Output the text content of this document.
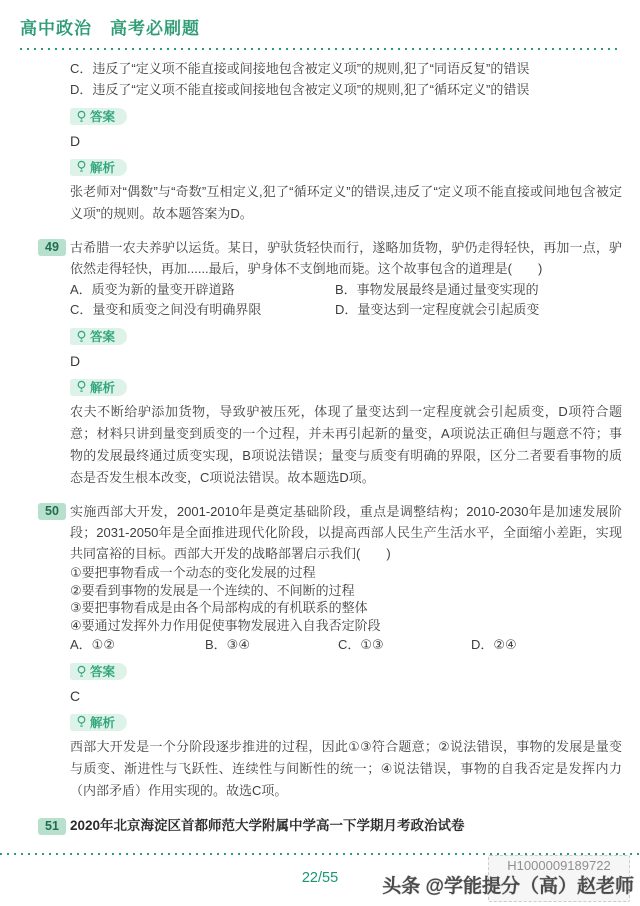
高中政治　高考必刷题
C．违反了“定义项不能直接或间接地包含被定义项”的规则,犯了“同语反复”的错误
D．违反了“定义项不能直接或间接地包含被定义项”的规则,犯了“循环定义”的错误
答案

D

解析

张老师对“偶数”与“奇数”互相定义,犯了“循环定义”的错误,违反了“定义项不能直接或间地包含被定义项”的规则。故本题答案为D。

49 古希腊一农夫养驴以运货。某日，驴驮货轻快而行，遂略加货物，驴仍走得轻快，再加一点，驴依然走得轻快，再加......最后，驴身体不支倒地而毙。这个故事包含的道理是(　　)

A．质变为新的量变开辟道路	B．事物发展最终是通过量变实现的
C．量变和质变之间没有明确界限	D．量变达到一定程度就会引起质变
答案

D

解析

农夫不断给驴添加货物，导致驴被压死，体现了量变达到一定程度就会引起质变，D项符合题意；材料只讲到量变到质变的一个过程，并未再引起新的量变，A项说法正确但与题意不符；事物的发展最终通过质变实现，B项说法错误；量变与质变有明确的界限，区分二者要看事物的质态是否发生根本改变，C项说法错误。故本题选D项。

50 实施西部大开发，2001-2010年是奠定基础阶段，重点是调整结构；2010-2030年是加速发展阶段；2031-2050年是全面推进现代化阶段，以提高西部人民生产生活水平，全面缩小差距，实现共同富裕的目标。西部大开发的战略部署启示我们(　　)

①要把事物看成一个动态的变化发展的过程
②要看到事物的发展是一个连续的、不间断的过程
③要把事物看成是由各个局部构成的有机联系的整体
④要通过发挥外力作用促使事物发展进入自我否定阶段
A．①②	B．③④	C．①③	D．②④
答案

C

解析

西部大开发是一个分阶段逐步推进的过程，因此①③符合题意；②说法错误，事物的发展是量变与质变、渐进性与飞跃性、连续性与间断性的统一；④说法错误，事物的自我否定是发挥内力（内部矛盾）作用实现的。故选C项。

51 2020年北京海淀区首都师范大学附属中学高一下学期月考政治试卷

22/55
H1000009189722
头条 @学能提分（高）赵老师
